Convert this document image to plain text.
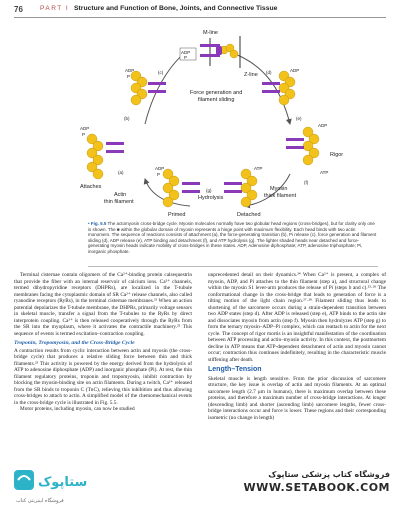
76	PART I Structure and Function of Bone, Joints, and Connective Tissue
M-line
Z-line
Force generation and
filament sliding
Attaches
Rigor
Actin
thin filament
Primed
Hydrolysis
Detached
Myosin
thick filament
ADP
P
ADP
P
ADP
ADP
P
ADP
ATP
ADP
P
ATP
(c)	(d)
(b)	(e)
(a)
(f)
(g)
• Fig. 5.5 The actomyosin cross-bridge cycle. Myosin molecules normally have two globular head regions (cross-bridges), but for clarity only one is shown. The ■ within the globular domain of myosin represents a hinge point with maximum flexibility. Each head binds with two actin monomers. The sequence of reactions consists of attachment (a), the force-generating transition (b), Pi release (c), force generation and filament sliding (d), ADP release (e), ATP binding and detachment (f), and ATP hydrolysis (g). The lighter shaded heads near detached and force-generating myosin heads indicate mobility of cross-bridges in these states. ADP, Adenosine diphosphate; ATP, adenosine triphosphate; Pi, inorganic phosphate.

Terminal cisternae contain oligomers of the Ca²⁺-binding protein calsequestrin that provide the fiber with an internal reservoir of calcium ions. Ca²⁺ channels, termed dihydropyridine receptors (DHPRs), are localized in the T-tubule membranes facing the cytoplasmic domain of SR Ca²⁺ release channels, also called ryanodine receptors (RyRs), in the terminal cisternae membranes.²¹ When an action potential depolarizes the T-tubule membrane, the DHPRs, primarily voltage sensors in skeletal muscle, transfer a signal from the T-tubules to the RyRs by direct interprotein coupling. Ca²⁺ is then released cooperatively through the RyRs from the SR into the myoplasm, where it activates the contractile machinery.²² This sequence of events is termed excitation–contraction coupling.

Troponin, Tropomyosin, and the Cross-Bridge Cycle

A contraction results from cyclic interaction between actin and myosin (the cross-bridge cycle) that produces a relative sliding force between thin and thick filaments.²³ This activity is powered by the energy derived from the hydrolysis of ATP to adenosine diphosphate (ADP) and inorganic phosphate (Pi). At rest, the thin filament regulatory proteins, troponin and tropomyosin, inhibit contraction by blocking the myosin-binding site on actin filaments. During a twitch, Ca²⁺ released from the SR binds to troponin C (TnC), relieving this inhibition and thus allowing cross-bridges to attach to actin. A simplified model of the chemomechanical events in the cross-bridge cycle is illustrated in Fig. 5.5.

Motor proteins, including myosin, can now be studied

unprecedented detail on their dynamics.²⁴ When Ca²⁺ is present, a complex of myosin, ADP, and Pi attaches to the thin filament (step a), and structural change within the myosin S1 lever-arm produces the release of Pi (steps b and c).²⁵·²⁶ The conformational change in the cross-bridge that leads to generation of force is a tilting motion of the light chain region.²⁷·²⁸ Filament sliding thus leads to shortening of the sarcomere occurs during a strain-dependent transition between two ADP states (step d). After ADP is released (step e), ATP binds to the actin site and dissociates myosin from actin (step f). Myosin then hydrolyzes ATP (step g) to form the ternary myosin–ADP–Pi complex, which can reattach to actin for the next cycle. The concept of rigor mortis is an insightful manifestation of the coordination between ATP processing and actin–myosin activity. In this context, the postmortem decline in ATP means that ATP-dependent detachment of actin and myosin cannot occur; contraction thus continues indefinitely, resulting in the characteristic muscle stiffening after death.

Length–Tension

Skeletal muscle is length sensitive. From the prior discussion of sarcomere structure, the key issue is overlap of actin and myosin filaments. At an optimal sarcomere length (2.7 μm in humans), there is maximum overlap between these proteins, and therefore a maximum number of cross-bridge interactions. At longer (descending limb) and shorter (ascending limb) sarcomere lengths, fewer cross-bridge interactions occur and force is lower. These regions and their corresponding isometric (no change in length)

ستاپوک
فروشگاه اینترنتی کتاب
فروشگاه کتاب پزشکی ستاپوک
WWW.SETABOOK.COM
